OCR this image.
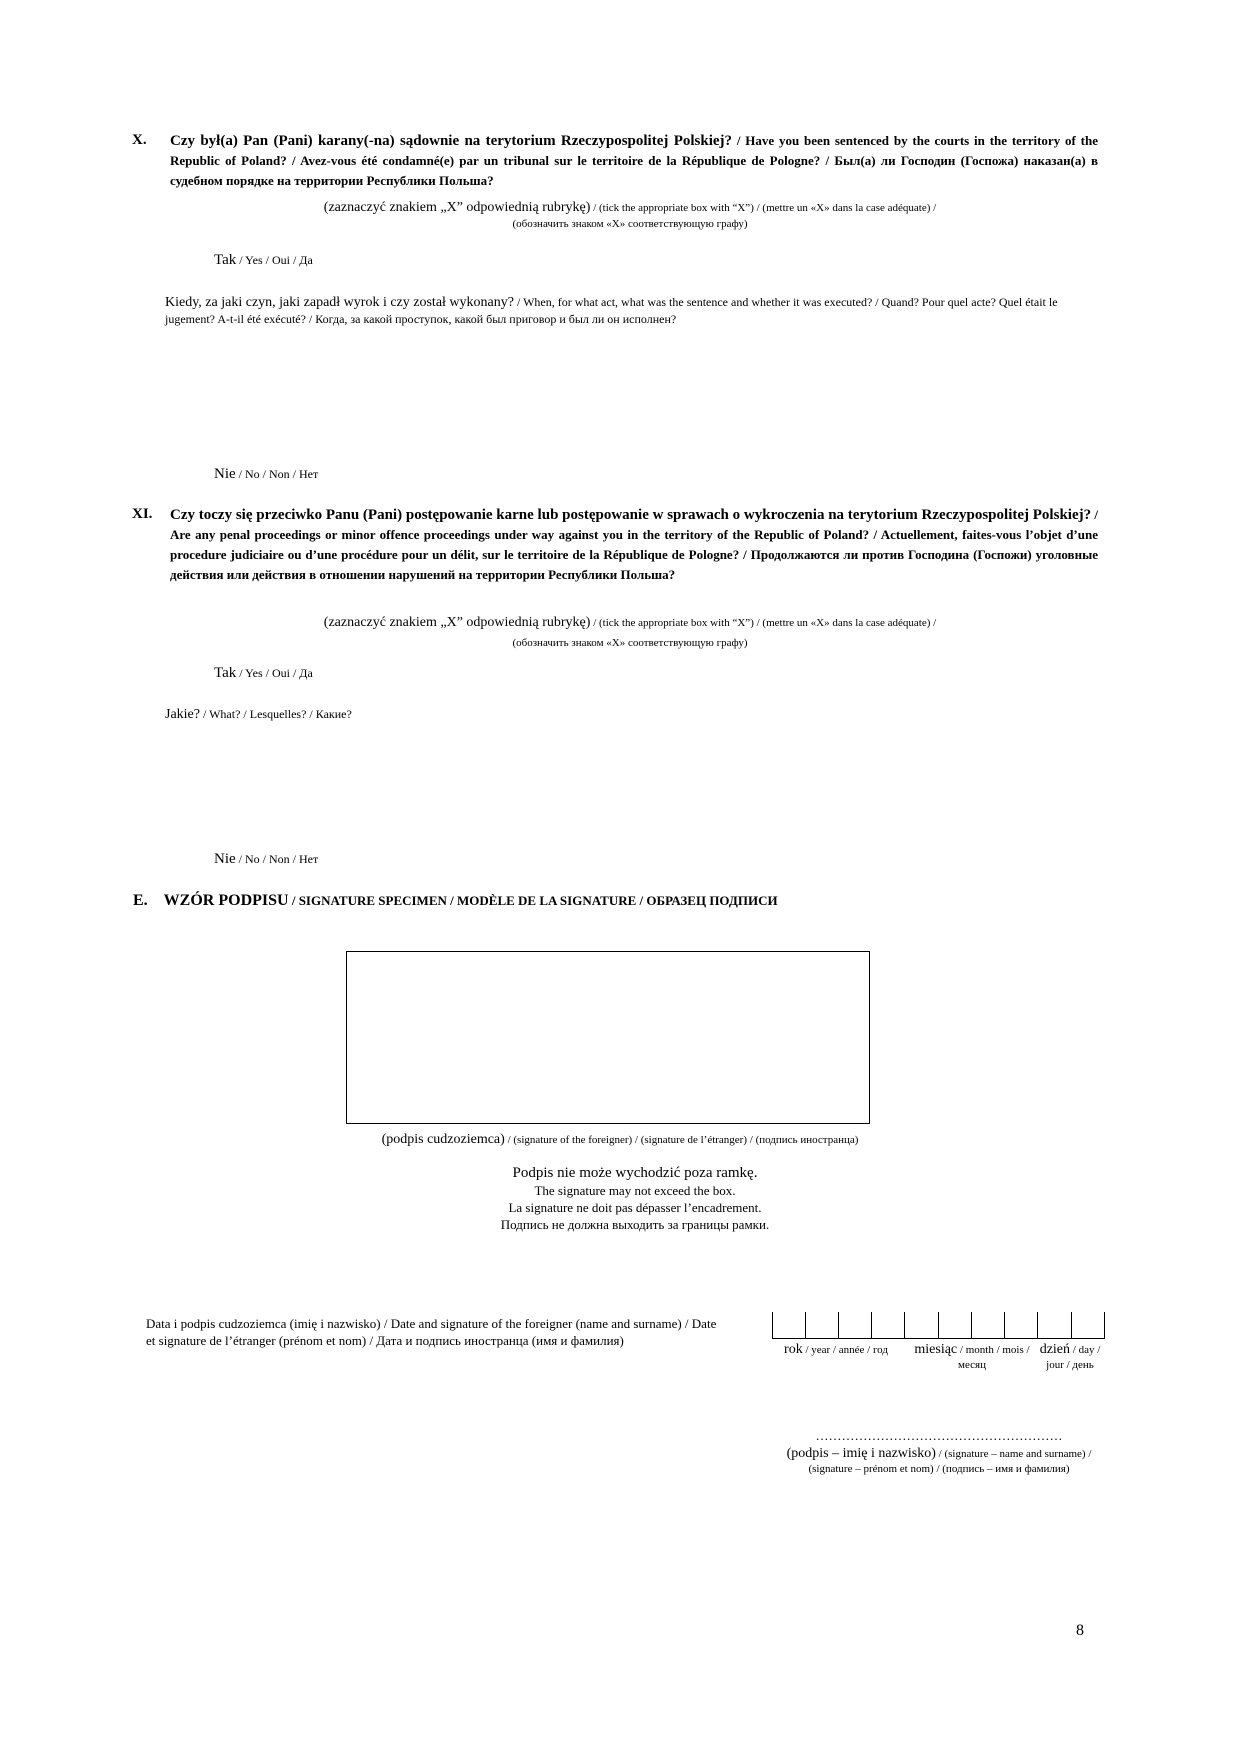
X. Czy był(a) Pan (Pani) karany(-na) sądownie na terytorium Rzeczypospolitej Polskiej? / Have you been sentenced by the courts in the territory of the Republic of Poland? / Avez-vous été condamné(e) par un tribunal sur le territoire de la République de Pologne? / Был(а) ли Господин (Госпожа) наказан(а) в судебном порядке на территории Республики Польша?
(zaznaczyć znakiem „X” odpowiednią rubrykę) / (tick the appropriate box with “X”) / (mettre un «X» dans la case adéquate) /
(обозначить знаком «X» соответствующую графу)
Tak / Yes / Oui / Да
Kiedy, za jaki czyn, jaki zapadł wyrok i czy został wykonany? / When, for what act, what was the sentence and whether it was executed? / Quand? Pour quel acte? Quel était le jugement? A-t-il été exécuté? / Когда, за какой проступок, какой был приговор и был ли он исполнен?
Nie / No / Non / Нет
XI. Czy toczy się przeciwko Panu (Pani) postępowanie karne lub postępowanie w sprawach o wykroczenia na terytorium Rzeczypospolitej Polskiej? / Are any penal proceedings or minor offence proceedings under way against you in the territory of the Republic of Poland? / Actuellement, faites-vous l’objet d’une procedure judiciaire ou d’une procédure pour un délit, sur le territoire de la République de Pologne? / Продолжаются ли против Господина (Госпожи) уголовные действия или действия в отношении нарушений на территории Республики Польша?
(zaznaczyć znakiem „X” odpowiednią rubrykę) / (tick the appropriate box with “X”) / (mettre un «X» dans la case adéquate) /
(обозначить знаком «X» соответствующую графу)
Tak / Yes / Oui / Да
Jakie? / What? / Lesquelles? / Какие?
Nie / No / Non / Нет
E. WZÓR PODPISU / SIGNATURE SPECIMEN / MODÈLE DE LA SIGNATURE / ОБРАЗЕЦ ПОДПИСИ
(podpis cudzoziemca) / (signature of the foreigner) / (signature de l’étranger) / (подпись иностранца)
Podpis nie może wychodzić poza ramkę.
The signature may not exceed the box.
La signature ne doit pas dépasser l’encadrement.
Подпись не должна выходить за границы рамки.
Data i podpis cudzoziemca (imię i nazwisko) / Date and signature of the foreigner (name and surname) / Date et signature de l’étranger (prénom et nom) / Дата и подпись иностранца (имя и фамилия)
rok / year / année / год	miesiąc / month / mois / месяц
dzień / day / jour / день
…………………………………………………
(podpis – imię i nazwisko) / (signature – name and surname) / (signature – prénom et nom) / (подпись – имя и фамилия)
8
